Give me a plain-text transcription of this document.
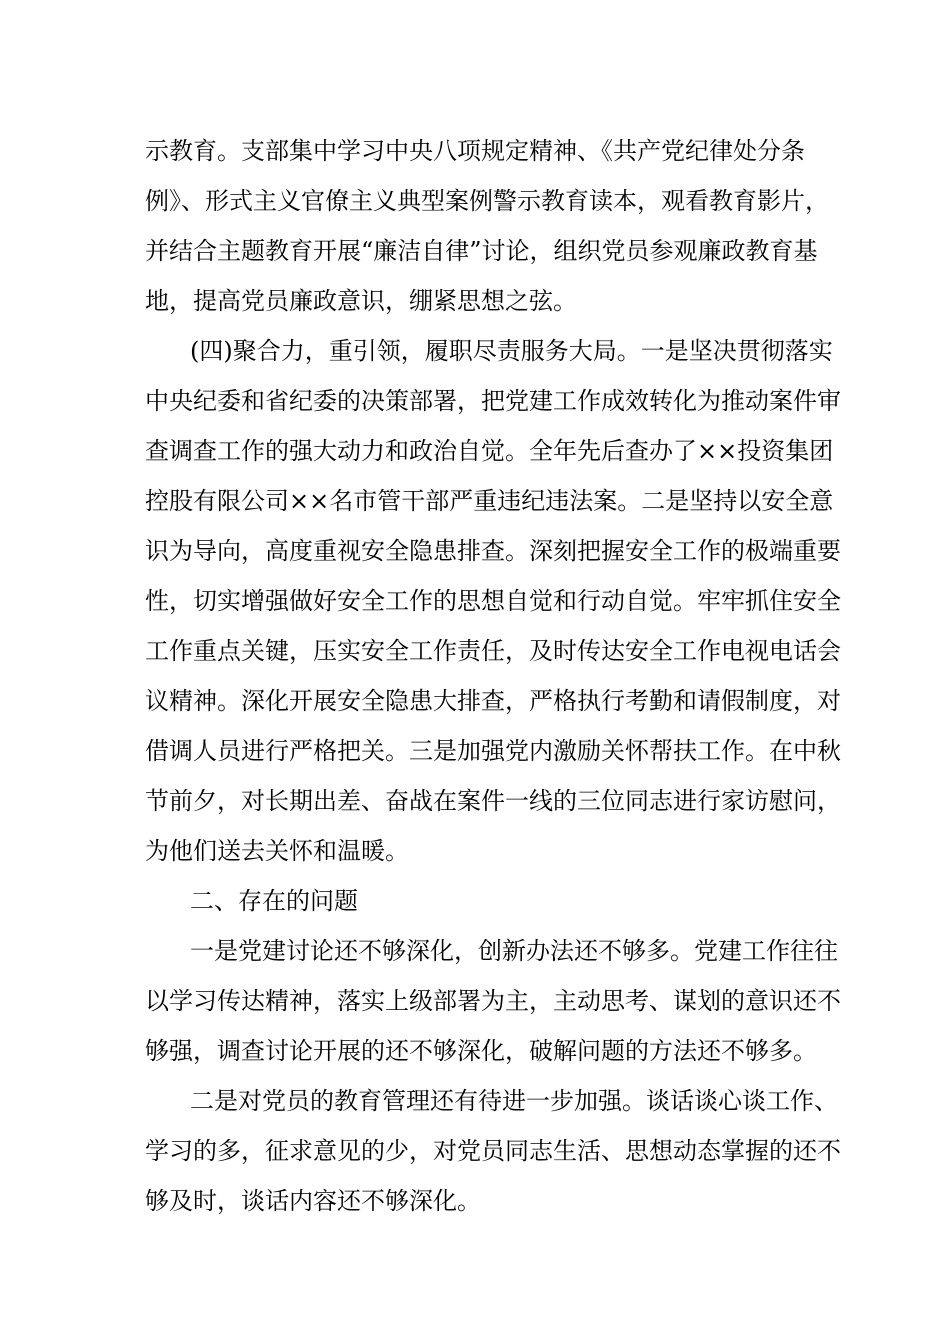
示教育。支部集中学习中央八项规定精神、《共产党纪律处分条
例》、形式主义官僚主义典型案例警示教育读本，观看教育影片，
并结合主题教育开展“廉洁自律”讨论，组织党员参观廉政教育基
地，提高党员廉政意识，绷紧思想之弦。
(四)聚合力，重引领，履职尽责服务大局。一是坚决贯彻落实
中央纪委和省纪委的决策部署，把党建工作成效转化为推动案件审
查调查工作的强大动力和政治自觉。全年先后查办了××投资集团
控股有限公司××名市管干部严重违纪违法案。二是坚持以安全意
识为导向，高度重视安全隐患排查。深刻把握安全工作的极端重要
性，切实增强做好安全工作的思想自觉和行动自觉。牢牢抓住安全
工作重点关键，压实安全工作责任，及时传达安全工作电视电话会
议精神。深化开展安全隐患大排查，严格执行考勤和请假制度，对
借调人员进行严格把关。三是加强党内激励关怀帮扶工作。在中秋
节前夕，对长期出差、奋战在案件一线的三位同志进行家访慰问，
为他们送去关怀和温暖。
二、存在的问题
一是党建讨论还不够深化，创新办法还不够多。党建工作往往
以学习传达精神，落实上级部署为主，主动思考、谋划的意识还不
够强，调查讨论开展的还不够深化，破解问题的方法还不够多。
二是对党员的教育管理还有待进一步加强。谈话谈心谈工作、
学习的多，征求意见的少，对党员同志生活、思想动态掌握的还不
够及时，谈话内容还不够深化。
